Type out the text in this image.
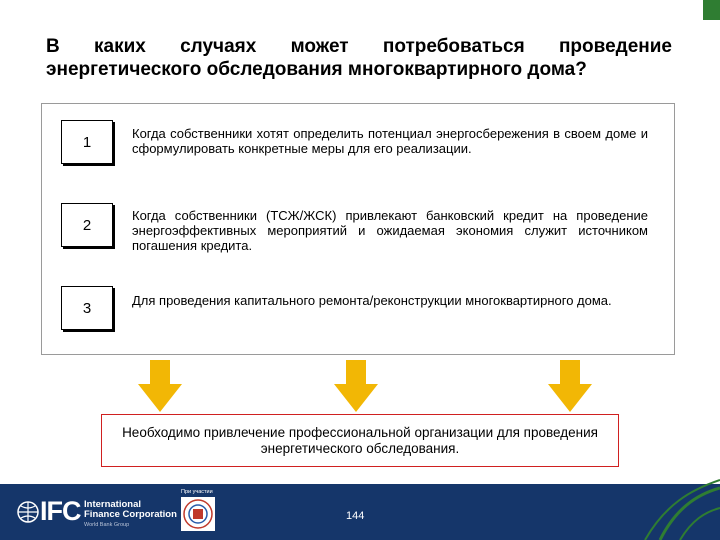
В каких случаях может потребоваться проведение
энергетического обследования многоквартирного дома?
1	Когда собственники хотят определить потенциал энергосбережения в своем доме и сформулировать конкретные меры для его реализации.
2
Когда собственники (ТСЖ/ЖСК) привлекают банковский кредит на проведение энергоэффективных мероприятий и ожидаемая экономия служит источником погашения кредита.
3	Для проведения капитального ремонта/реконструкции многоквартирного дома.
Необходимо привлечение профессиональной организации для проведения энергетического обследования.
IFC International
Finance Corporation
World Bank Group
При участии
144
